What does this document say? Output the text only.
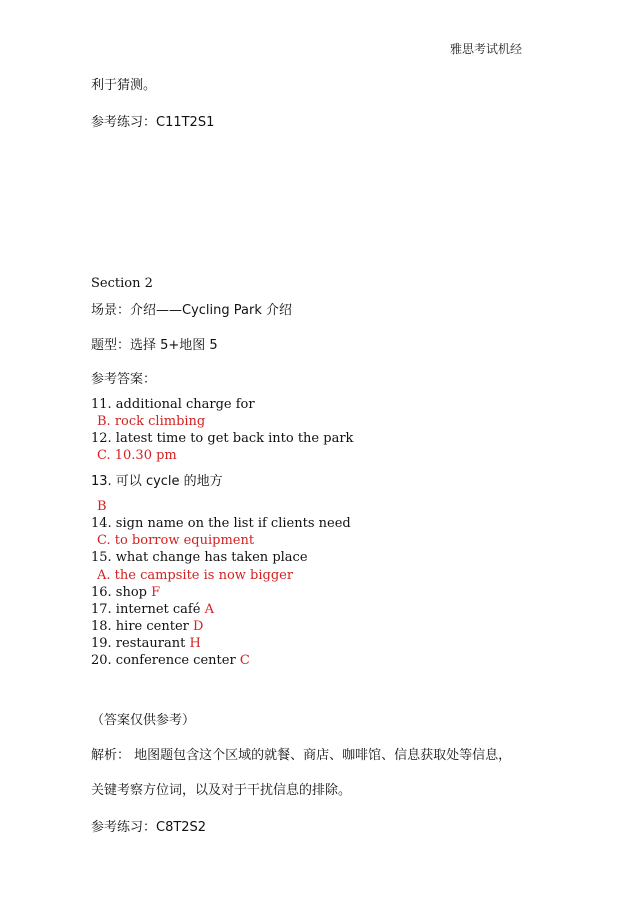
雅思考试机经
利于猜测。
参考练习：C11T2S1
Section 2
场景：介绍——Cycling Park 介绍
题型：选择 5+地图 5
参考答案：
11. additional charge for
B. rock climbing
12. latest time to get back into the park
C. 10.30 pm
13. 可以 cycle 的地方
B
14. sign name on the list if clients need
C. to borrow equipment
15. what change has taken place
A. the campsite is now bigger
16. shop F
17. internet café A
18. hire center D
19. restaurant H
20. conference center C
（答案仅供参考）
解析： 地图题包含这个区域的就餐、商店、咖啡馆、信息获取处等信息，
关键考察方位词，以及对于干扰信息的排除。
参考练习：C8T2S2
